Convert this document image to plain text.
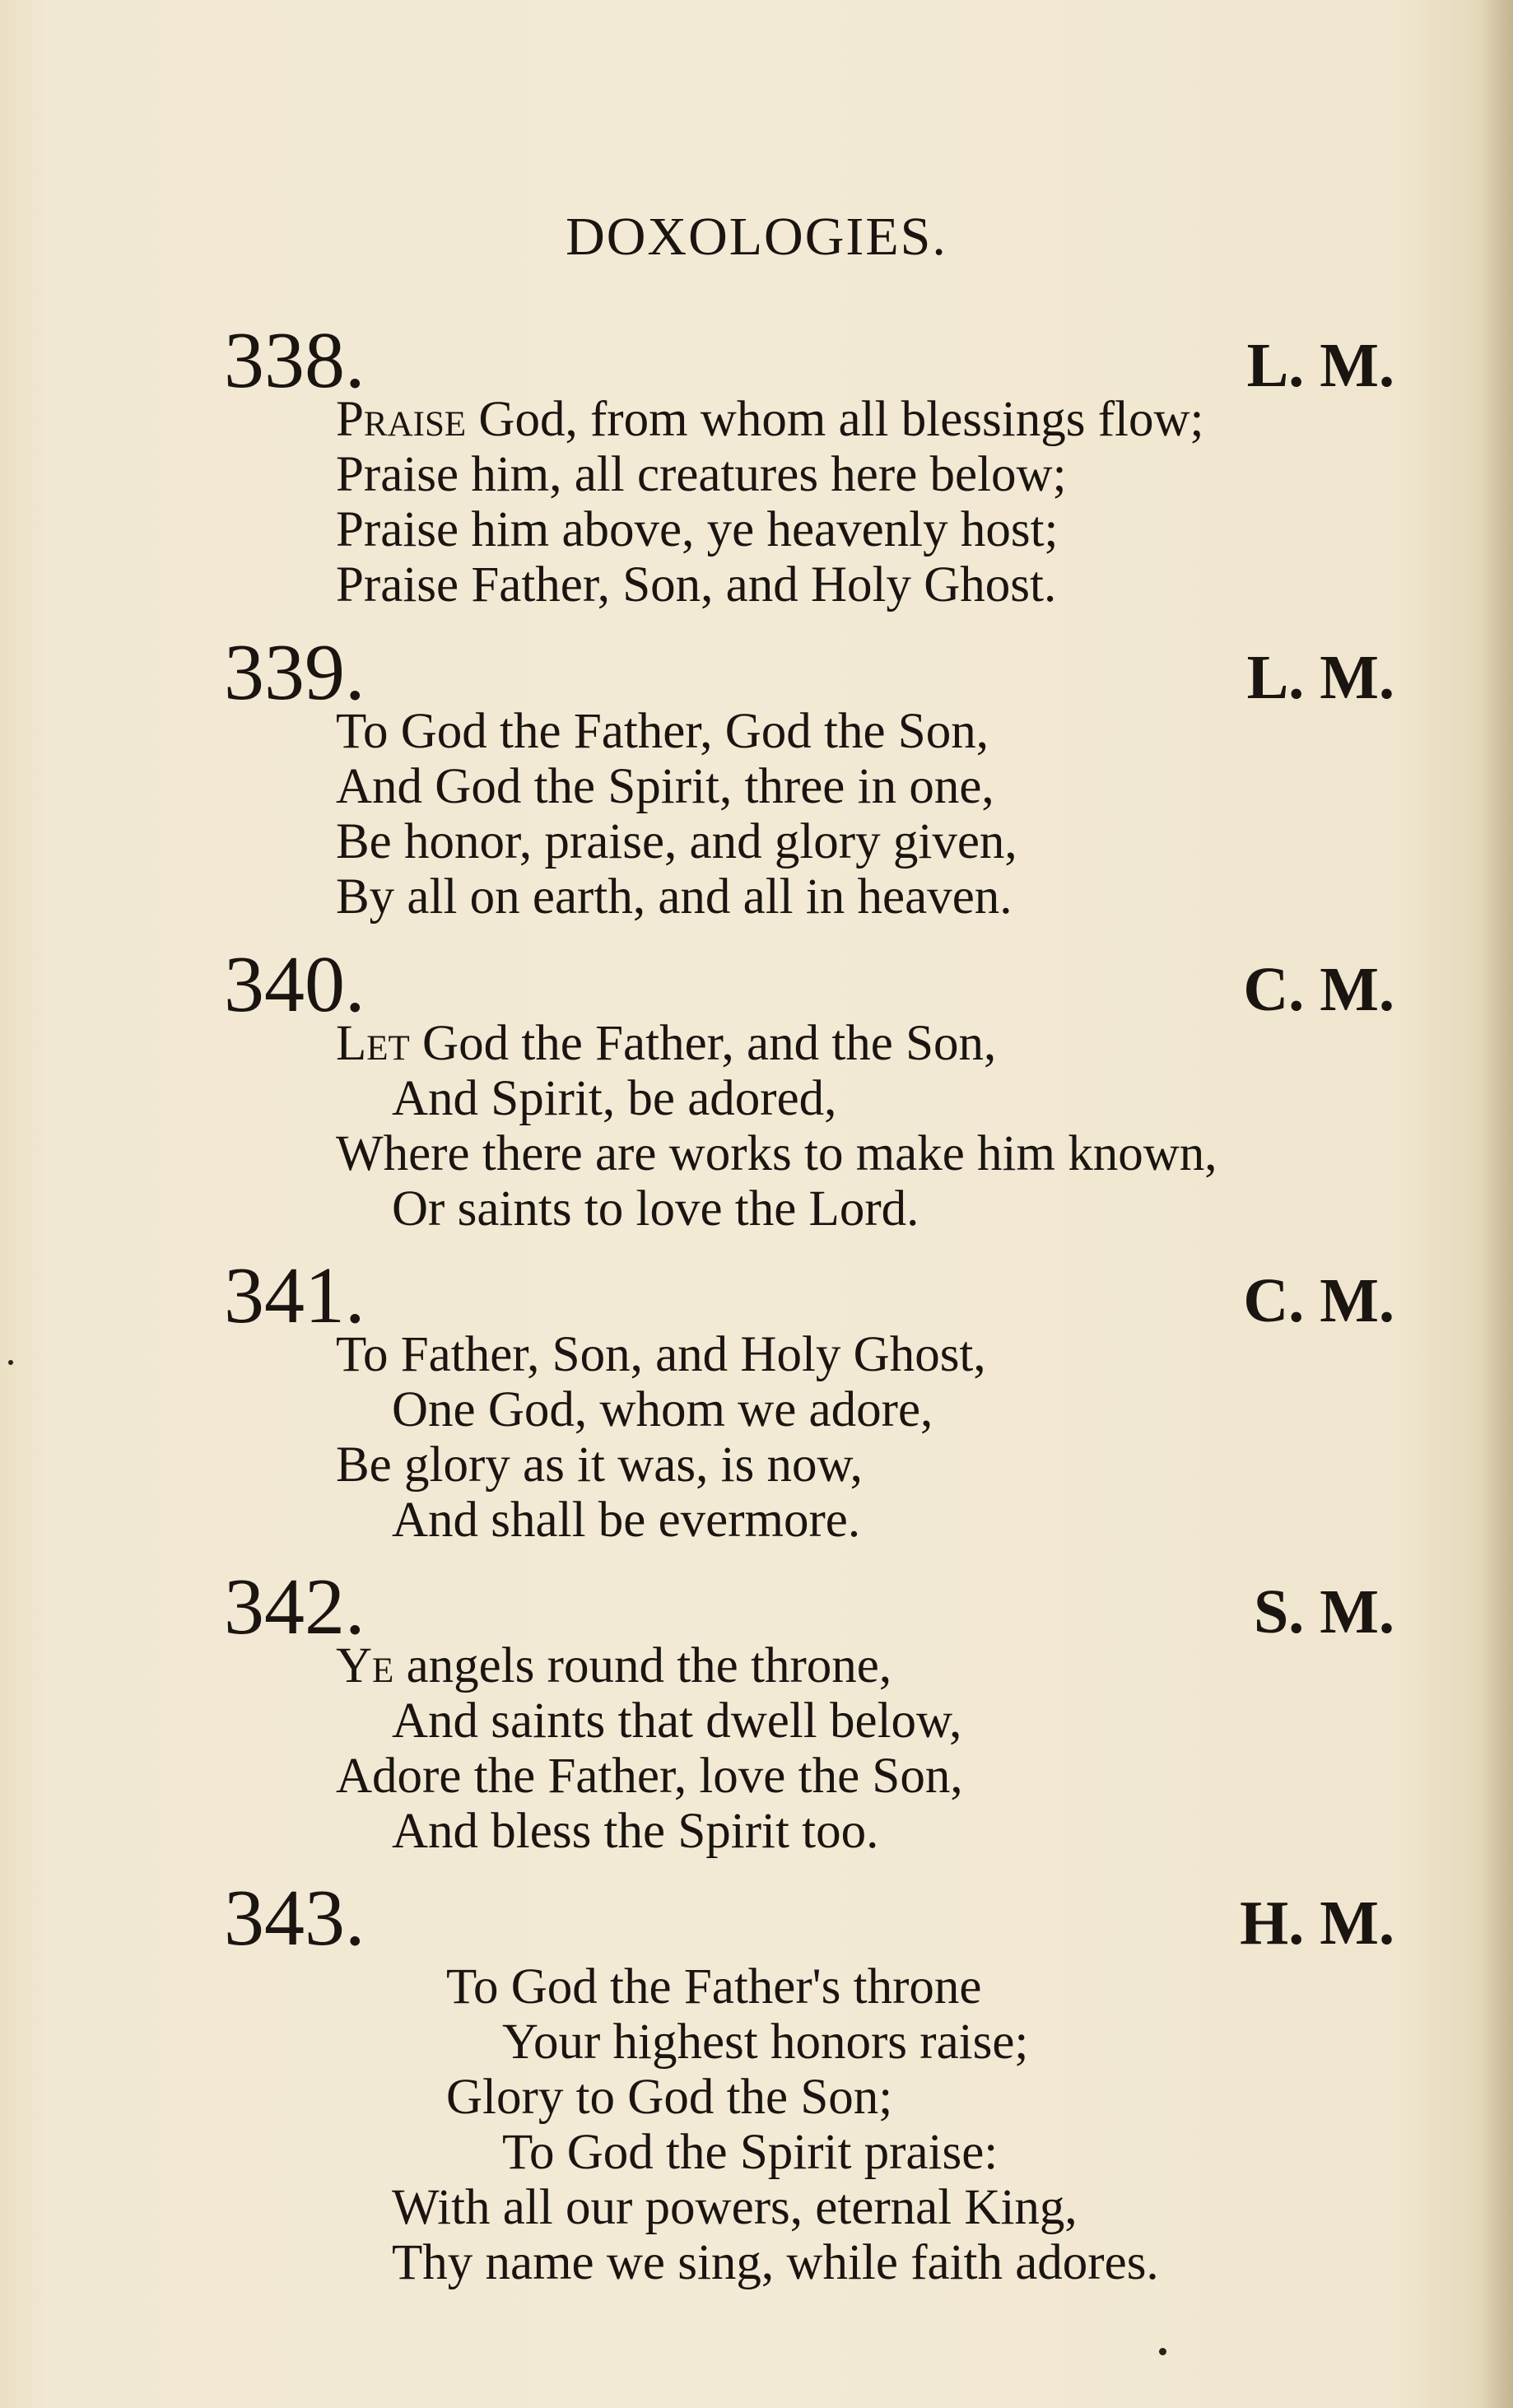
DOXOLOGIES.
338.	L. M.
Praise God, from whom all blessings flow;
Praise him, all creatures here below;
Praise him above, ye heavenly host;
Praise Father, Son, and Holy Ghost.
339.	L. M.
To God the Father, God the Son,
And God the Spirit, three in one,
Be honor, praise, and glory given,
By all on earth, and all in heaven.
340.	C. M.
Let God the Father, and the Son,
And Spirit, be adored,
Where there are works to make him known,
Or saints to love the Lord.
341.	C. M.
To Father, Son, and Holy Ghost,
One God, whom we adore,
Be glory as it was, is now,
And shall be evermore.
342.	S. M.
Ye angels round the throne,
And saints that dwell below,
Adore the Father, love the Son,
And bless the Spirit too.
343.	H. M.
To God the Father's throne
Your highest honors raise;
Glory to God the Son;
To God the Spirit praise:
With all our powers, eternal King,
Thy name we sing, while faith adores.
